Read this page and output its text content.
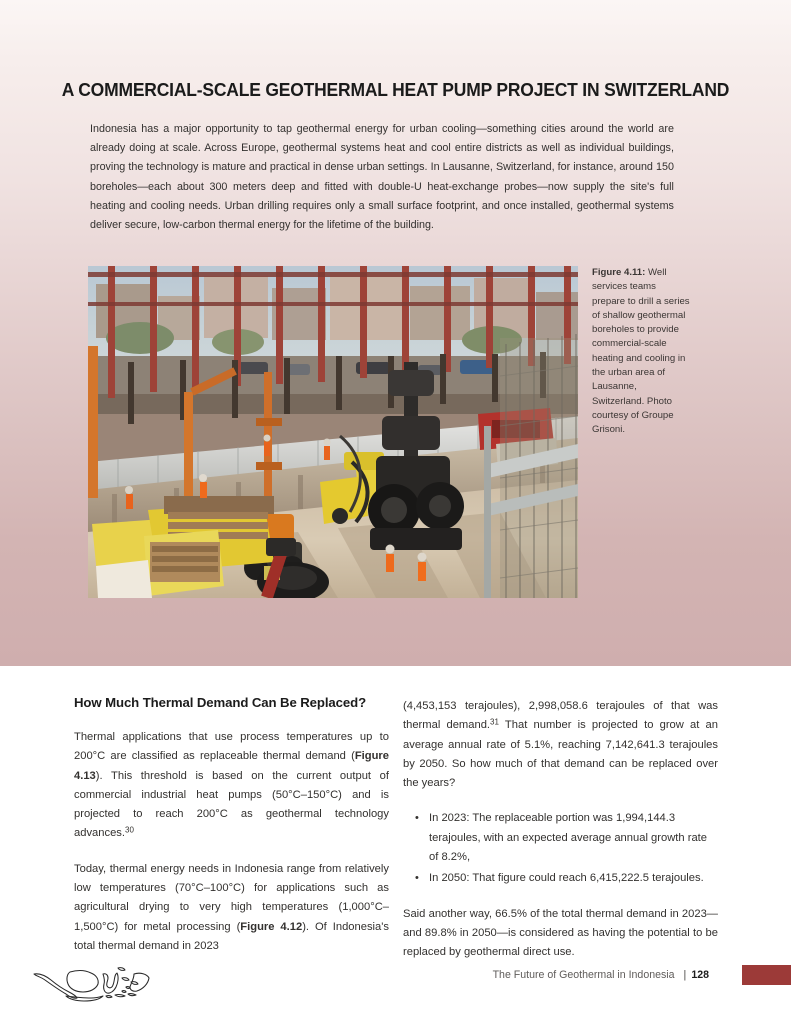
A COMMERCIAL-SCALE GEOTHERMAL HEAT PUMP PROJECT IN SWITZERLAND
Indonesia has a major opportunity to tap geothermal energy for urban cooling—something cities around the world are already doing at scale. Across Europe, geothermal systems heat and cool entire districts as well as individual buildings, proving the technology is mature and practical in dense urban settings. In Lausanne, Switzerland, for instance, around 150 boreholes—each about 300 meters deep and fitted with double-U heat-exchange probes—now supply the site's full heating and cooling needs. Urban drilling requires only a small surface footprint, and once installed, geothermal systems deliver secure, low-carbon thermal energy for the lifetime of the building.
Figure 4.11: Well services teams prepare to drill a series of shallow geothermal boreholes to provide commercial-scale heating and cooling in the urban area of Lausanne, Switzerland. Photo courtesy of Groupe Grisoni.
How Much Thermal Demand Can Be Replaced?

Thermal applications that use process temperatures up to 200°C are classified as replaceable thermal demand (Figure 4.13). This threshold is based on the current output of commercial industrial heat pumps (50°C–150°C) and is projected to reach 200°C as geothermal technology advances.$^{30}$

Today, thermal energy needs in Indonesia range from relatively low temperatures (70°C–100°C) for applications such as agricultural drying to very high temperatures (1,000°C–1,500°C) for metal processing (Figure 4.12). Of Indonesia's total thermal demand in 2023

(4,453,153 terajoules), 2,998,058.6 terajoules of that was thermal demand.$^{31}$ That number is projected to grow at an average annual rate of 5.1%, reaching 7,142,641.3 terajoules by 2050. So how much of that demand can be replaced over the years?

• In 2023: The replaceable portion was 1,994,144.3 terajoules, with an expected average annual growth rate of 8.2%,
• In 2050: That figure could reach 6,415,222.5 terajoules.

Said another way, 66.5% of the total thermal demand in 2023—and 89.8% in 2050—is considered as having the potential to be replaced by geothermal direct use.

The Future of Geothermal in Indonesia | 128
